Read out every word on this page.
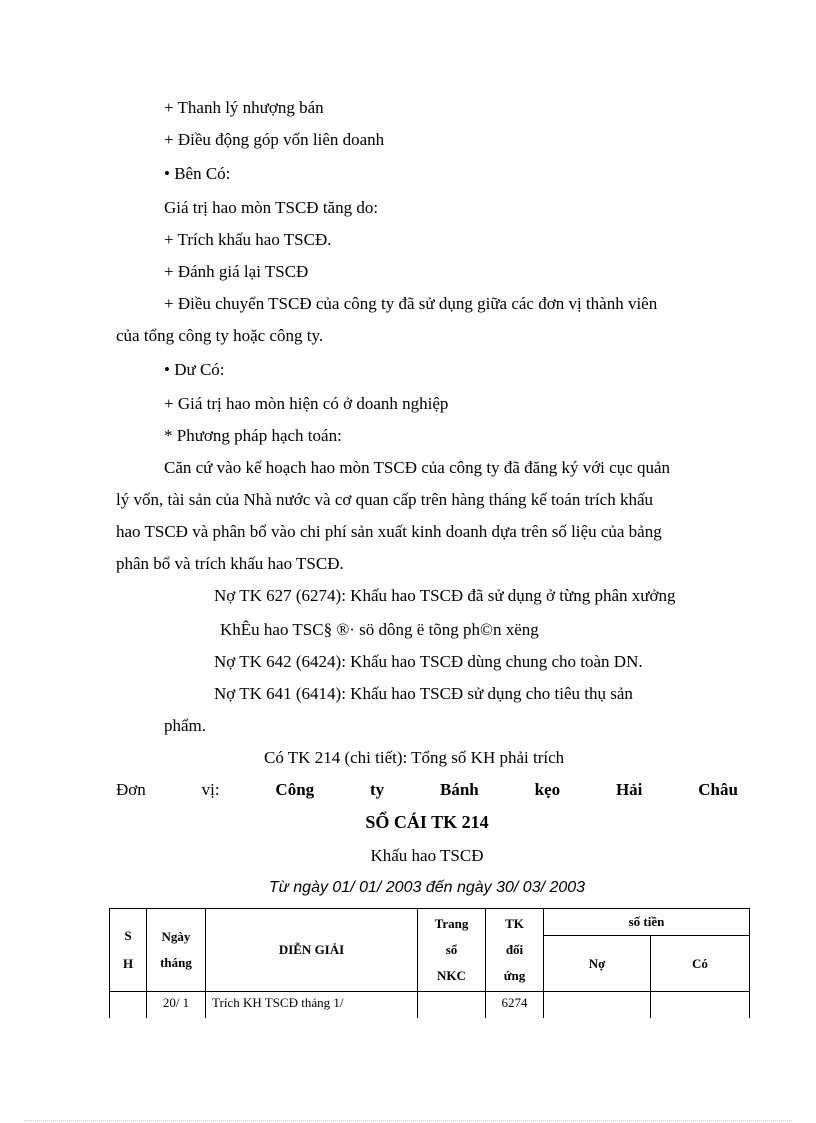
+ Thanh lý nhượng bán
+ Điều động góp vốn liên doanh
• Bên Có:
Giá trị hao mòn TSCĐ tăng do:
+ Trích khấu hao TSCĐ.
+ Đánh giá lại TSCĐ
+ Điều chuyển TSCĐ của công ty đã sử dụng giữa các đơn vị thành viên
của tổng công ty hoặc công ty.
• Dư Có:
+ Giá trị hao mòn hiện có ở doanh nghiệp
* Phương pháp hạch toán:
Căn cứ vào kế hoạch hao mòn TSCĐ của công ty đã đăng ký với cục quản
lý vốn, tài sản của Nhà nước và cơ quan cấp trên hàng tháng kế toán trích khấu
hao TSCĐ và phân bổ vào chi phí sản xuất kinh doanh dựa trên số liệu của bảng
phân bổ và trích khấu hao TSCĐ.
Nợ TK 627 (6274): Khấu hao TSCĐ đã sử dụng ở từng phân xưởng
KhÊu hao TSC§ ®· sö dông ë tõng ph©n xëng
Nợ TK 642 (6424): Khấu hao TSCĐ dùng chung cho toàn DN.
Nợ TK 641 (6414): Khấu hao TSCĐ sử dụng cho tiêu thụ sản
phẩm.
Có TK 214 (chi tiết): Tổng số KH phải trích
Đơn	vị:	Công	ty	Bánh	kẹo	Hải	Châu
SỔ CÁI TK 214
Khấu hao TSCĐ
Từ ngày 01/ 01/ 2003 đến ngày 30/ 03/ 2003
S H	Ngày tháng	DIỄN GIẢI	Trang sổ NKC	TK đối ứng	số tiền	
					Nợ	Có
	20/ 1	Trích KH TSCĐ tháng 1/		6274		
